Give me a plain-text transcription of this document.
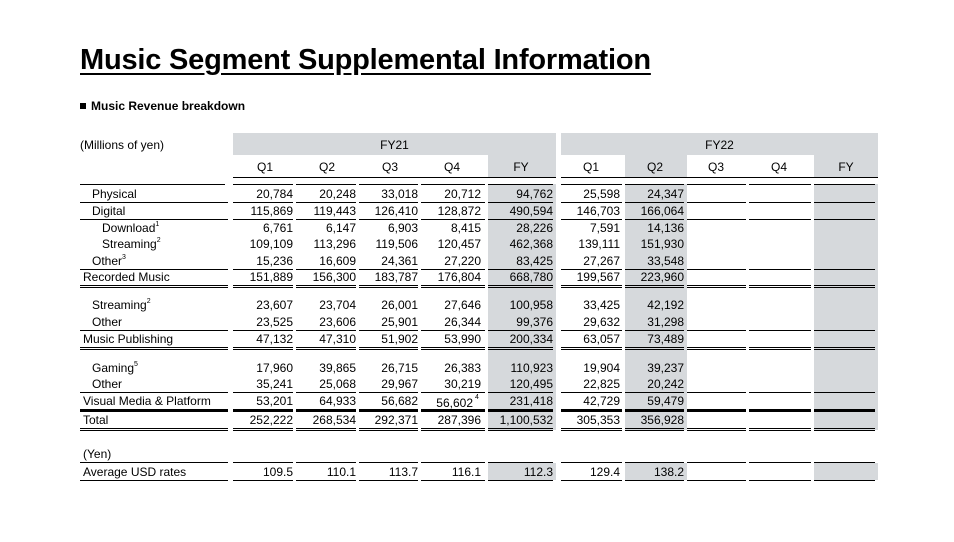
Music Segment Supplemental Information
Music Revenue breakdown
(Millions of yen)	FY21	FY22
Q1	Q2	Q3	Q4	FY	Q1	Q2	Q3	Q4	FY
Physical	20,784	20,248	33,018	20,712	94,762	25,598	24,347
Digital	115,869	119,443	126,410	128,872	490,594	146,703	166,064
Download$^1$	6,761	6,147	6,903	8,415	28,226	7,591	14,136
Streaming$^2$	109,109	113,296	119,506	120,457	462,368	139,111	151,930
Other$^3$	15,236	16,609	24,361	27,220	83,425	27,267	33,548
Recorded Music	151,889	156,300	183,787	176,804	668,780	199,567	223,960
Streaming$^2$	23,607	23,704	26,001	27,646	100,958	33,425	42,192
Other	23,525	23,606	25,901	26,344	99,376	29,632	31,298
Music Publishing	47,132	47,310	51,902	53,990	200,334	63,057	73,489
Gaming$^5$	17,960	39,865	26,715	26,383	110,923	19,904	39,237
Other	35,241	25,068	29,967	30,219	120,495	22,825	20,242
Visual Media & Platform	53,201	64,933	56,682	56,602 4	231,418	42,729	59,479
Total	252,222	268,534	292,371	287,396	1,100,532	305,353	356,928
(Yen)
Average USD rates	109.5	110.1	113.7	116.1	112.3	129.4	138.2
